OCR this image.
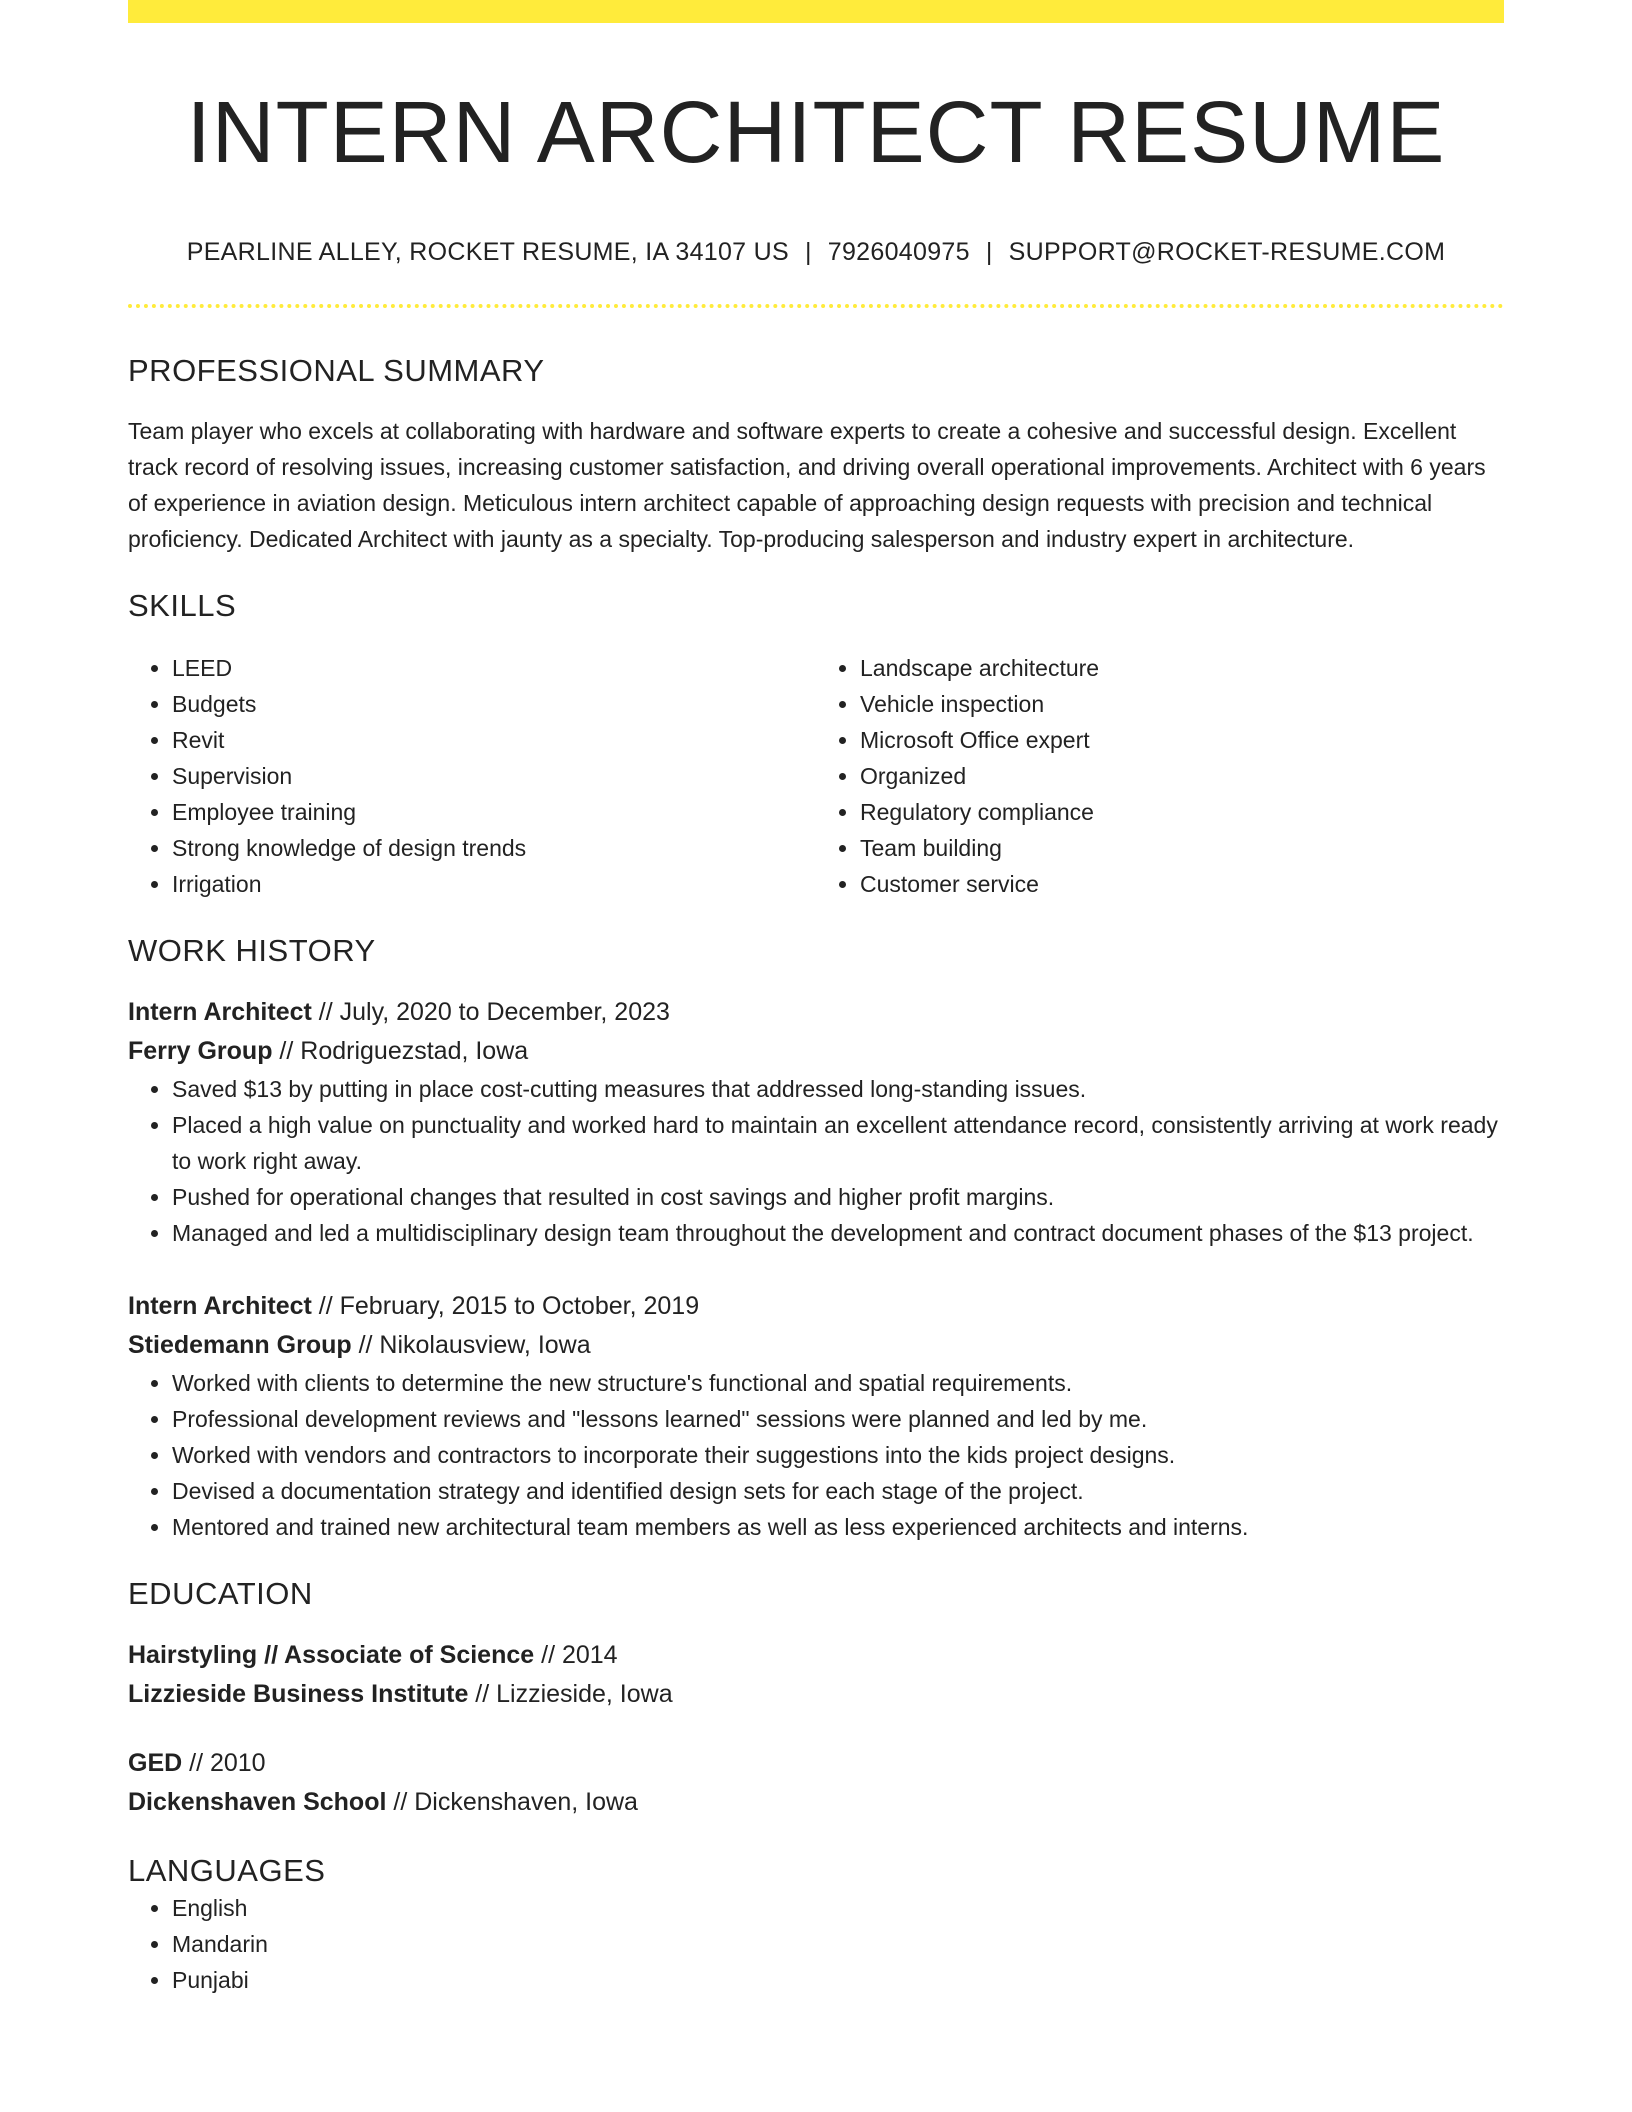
INTERN ARCHITECT RESUME
PEARLINE ALLEY, ROCKET RESUME, IA 34107 US | 7926040975 | SUPPORT@ROCKET-RESUME.COM
PROFESSIONAL SUMMARY

Team player who excels at collaborating with hardware and software experts to create a cohesive and successful design. Excellent track record of resolving issues, increasing customer satisfaction, and driving overall operational improvements. Architect with 6 years of experience in aviation design. Meticulous intern architect capable of approaching design requests with precision and technical proficiency. Dedicated Architect with jaunty as a specialty. Top-producing salesperson and industry expert in architecture.

SKILLS
• LEED
• Budgets
• Revit
• Supervision
• Employee training
• Strong knowledge of design trends
• Irrigation
• Landscape architecture
• Vehicle inspection
• Microsoft Office expert
• Organized
• Regulatory compliance
• Team building
• Customer service
WORK HISTORY
Intern Architect // July, 2020 to December, 2023
Ferry Group // Rodriguezstad, Iowa
• Saved $13 by putting in place cost-cutting measures that addressed long-standing issues.
• Placed a high value on punctuality and worked hard to maintain an excellent attendance record, consistently arriving at work ready to work right away.
• Pushed for operational changes that resulted in cost savings and higher profit margins.
• Managed and led a multidisciplinary design team throughout the development and contract document phases of the $13 project.
Intern Architect // February, 2015 to October, 2019
Stiedemann Group // Nikolausview, Iowa
• Worked with clients to determine the new structure's functional and spatial requirements.
• Professional development reviews and "lessons learned" sessions were planned and led by me.
• Worked with vendors and contractors to incorporate their suggestions into the kids project designs.
• Devised a documentation strategy and identified design sets for each stage of the project.
• Mentored and trained new architectural team members as well as less experienced architects and interns.
EDUCATION
Hairstyling // Associate of Science // 2014
Lizzieside Business Institute // Lizzieside, Iowa
GED // 2010
Dickenshaven School // Dickenshaven, Iowa
LANGUAGES
• English
• Mandarin
• Punjabi
